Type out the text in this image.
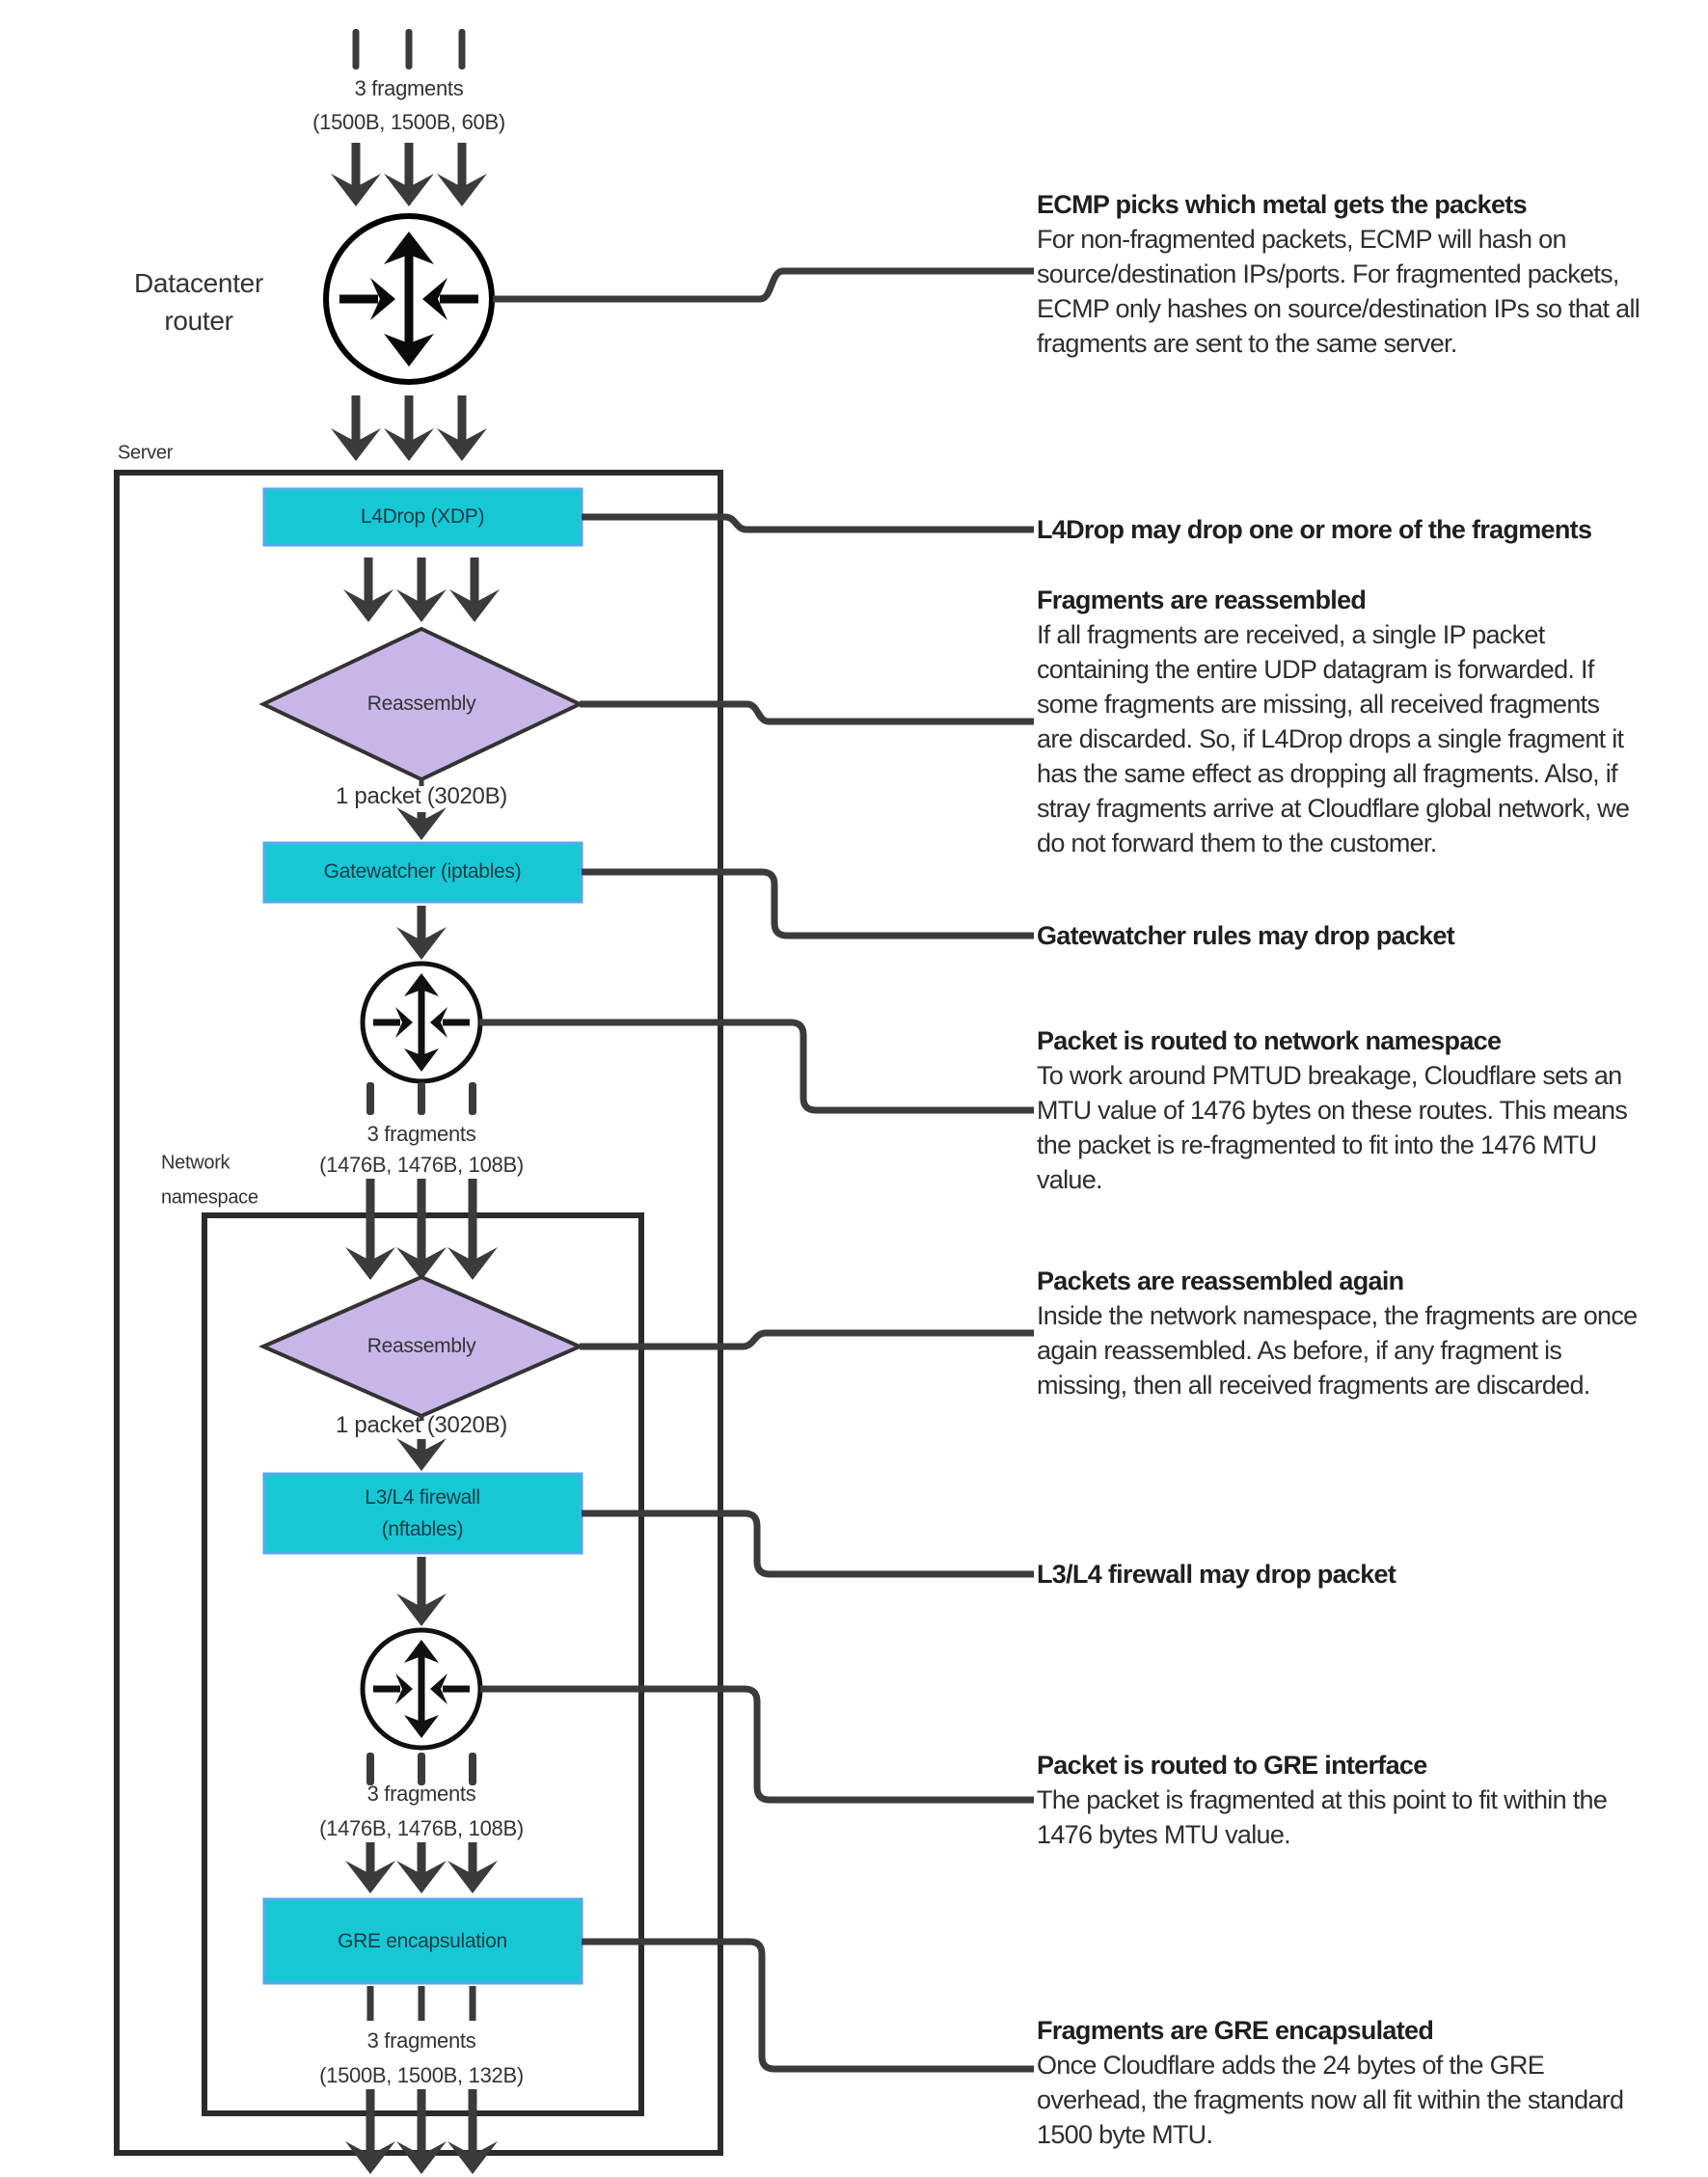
3 fragments
(1500B, 1500B, 60B)
Datacenter
router
Server
L4Drop (XDP)
Reassembly
1 packet (3020B)
Gatewatcher (iptables)
3 fragments
(1476B, 1476B, 108B)
Network
namespace
Reassembly
1 packet (3020B)
L3/L4 firewall
(nftables)
3 fragments
(1476B, 1476B, 108B)
GRE encapsulation
3 fragments
(1500B, 1500B, 132B)
ECMP picks which metal gets the packets
For non-fragmented packets, ECMP will hash on
source/destination IPs/ports. For fragmented packets,
ECMP only hashes on source/destination IPs so that all
fragments are sent to the same server.
L4Drop may drop one or more of the fragments
Fragments are reassembled
If all fragments are received, a single IP packet
containing the entire UDP datagram is forwarded. If
some fragments are missing, all received fragments
are discarded. So, if L4Drop drops a single fragment it
has the same effect as dropping all fragments. Also, if
stray fragments arrive at Cloudflare global network, we
do not forward them to the customer.
Gatewatcher rules may drop packet
Packet is routed to network namespace
To work around PMTUD breakage, Cloudflare sets an
MTU value of 1476 bytes on these routes. This means
the packet is re-fragmented to fit into the 1476 MTU
value.
Packets are reassembled again
Inside the network namespace, the fragments are once
again reassembled. As before, if any fragment is
missing, then all received fragments are discarded.
L3/L4 firewall may drop packet
Packet is routed to GRE interface
The packet is fragmented at this point to fit within the
1476 bytes MTU value.
Fragments are GRE encapsulated
Once Cloudflare adds the 24 bytes of the GRE
overhead, the fragments now all fit within the standard
1500 byte MTU.
